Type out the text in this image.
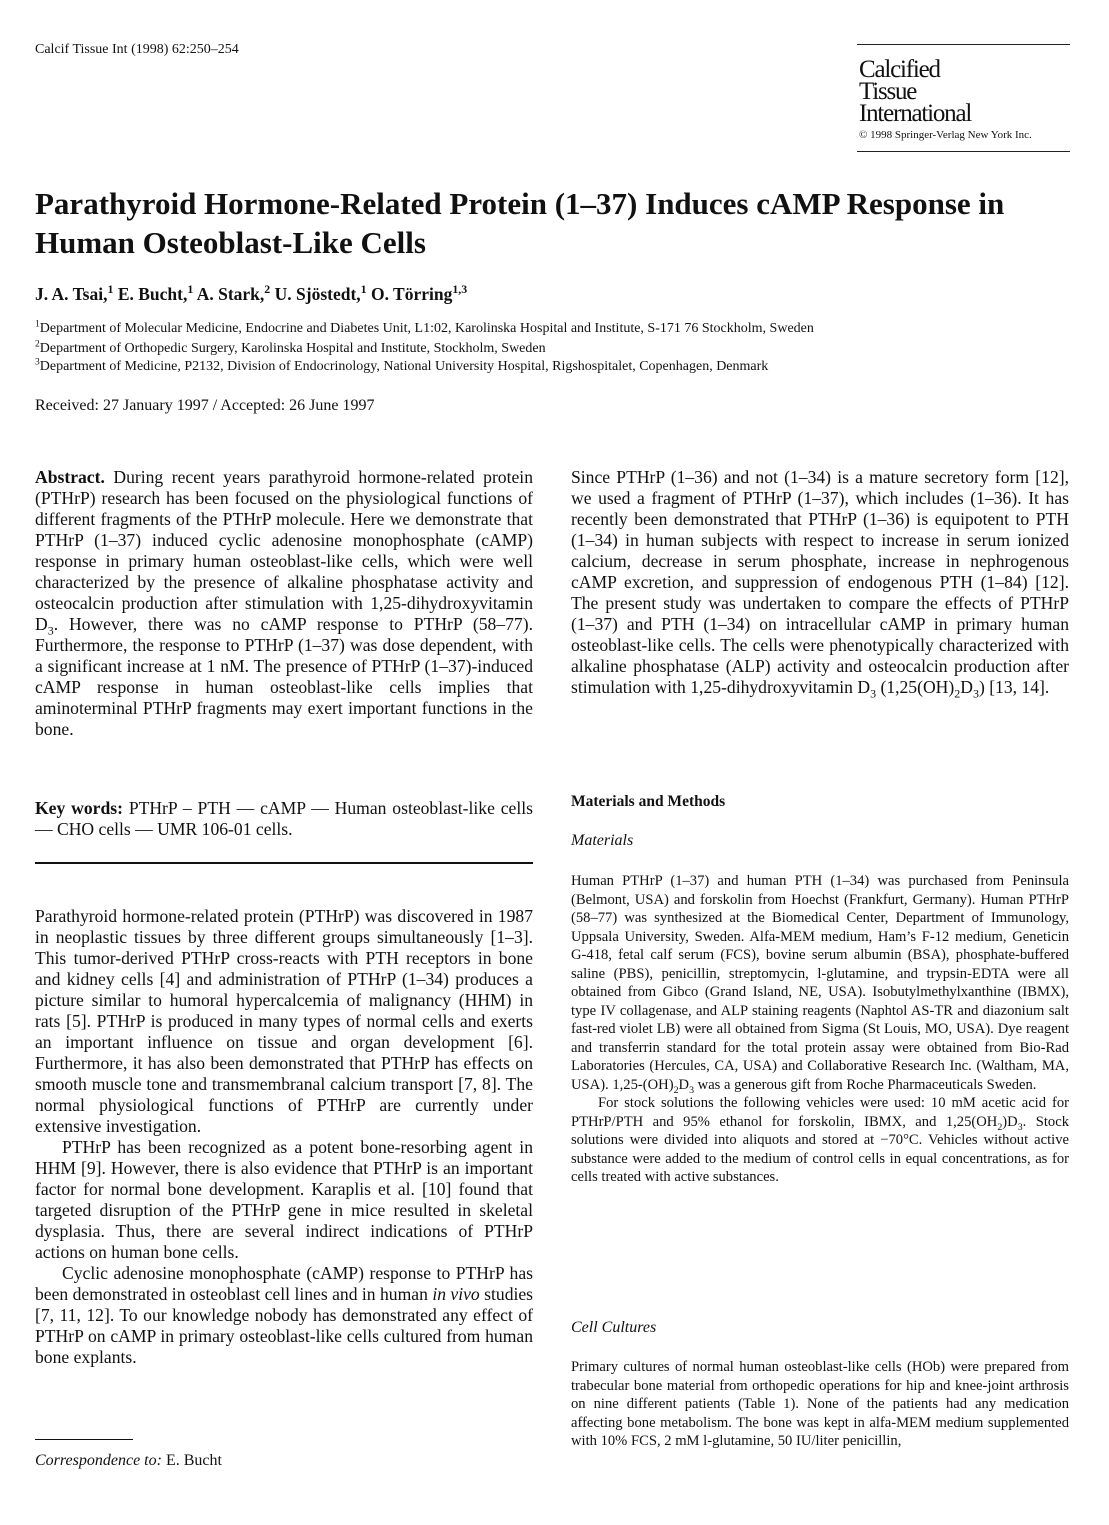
Calcif Tissue Int (1998) 62:250–254
Calcified
Tissue
International
© 1998 Springer-Verlag New York Inc.
Parathyroid Hormone-Related Protein (1–37) Induces cAMP Response in Human Osteoblast-Like Cells
J. A. Tsai,$^1$ E. Bucht,$^1$ A. Stark,$^2$ U. Sjöstedt,$^1$ O. Törring$^{1,3}$
$^1$Department of Molecular Medicine, Endocrine and Diabetes Unit, L1:02, Karolinska Hospital and Institute, S-171 76 Stockholm, Sweden
$^2$Department of Orthopedic Surgery, Karolinska Hospital and Institute, Stockholm, Sweden
$^3$Department of Medicine, P2132, Division of Endocrinology, National University Hospital, Rigshospitalet, Copenhagen, Denmark
Received: 27 January 1997 / Accepted: 26 June 1997

Abstract. During recent years parathyroid hormone-related protein (PTHrP) research has been focused on the physiological functions of different fragments of the PTHrP molecule. Here we demonstrate that PTHrP (1–37) induced cyclic adenosine monophosphate (cAMP) response in primary human osteoblast-like cells, which were well characterized by the presence of alkaline phosphatase activity and osteocalcin production after stimulation with 1,25-dihydroxyvitamin $D_3$. However, there was no cAMP response to PTHrP (58–77). Furthermore, the response to PTHrP (1–37) was dose dependent, with a significant increase at 1 nM. The presence of PTHrP (1–37)-induced cAMP response in human osteoblast-like cells implies that aminoterminal PTHrP fragments may exert important functions in the bone.

Key words: PTHrP – PTH — cAMP — Human osteoblast-like cells — CHO cells — UMR 106-01 cells.

Parathyroid hormone-related protein (PTHrP) was discovered in 1987 in neoplastic tissues by three different groups simultaneously [1–3]. This tumor-derived PTHrP cross-reacts with PTH receptors in bone and kidney cells [4] and administration of PTHrP (1–34) produces a picture similar to humoral hypercalcemia of malignancy (HHM) in rats [5]. PTHrP is produced in many types of normal cells and exerts an important influence on tissue and organ development [6]. Furthermore, it has also been demonstrated that PTHrP has effects on smooth muscle tone and transmembranal calcium transport [7, 8]. The normal physiological functions of PTHrP are currently under extensive investigation.

PTHrP has been recognized as a potent bone-resorbing agent in HHM [9]. However, there is also evidence that PTHrP is an important factor for normal bone development. Karaplis et al. [10] found that targeted disruption of the PTHrP gene in mice resulted in skeletal dysplasia. Thus, there are several indirect indications of PTHrP actions on human bone cells.

Cyclic adenosine monophosphate (cAMP) response to PTHrP has been demonstrated in osteoblast cell lines and in human in vivo studies [7, 11, 12]. To our knowledge nobody has demonstrated any effect of PTHrP on cAMP in primary osteoblast-like cells cultured from human bone explants.

Correspondence to: E. Bucht

Since PTHrP (1–36) and not (1–34) is a mature secretory form [12], we used a fragment of PTHrP (1–37), which includes (1–36). It has recently been demonstrated that PTHrP (1–36) is equipotent to PTH (1–34) in human subjects with respect to increase in serum ionized calcium, decrease in serum phosphate, increase in nephrogenous cAMP excretion, and suppression of endogenous PTH (1–84) [12]. The present study was undertaken to compare the effects of PTHrP (1–37) and PTH (1–34) on intracellular cAMP in primary human osteoblast-like cells. The cells were phenotypically characterized with alkaline phosphatase (ALP) activity and osteocalcin production after stimulation with 1,25-dihydroxyvitamin $D_3$ $(1,25(OH)_2D_3)$ [13, 14].

Materials and Methods
Materials

Human PTHrP (1–37) and human PTH (1–34) was purchased from Peninsula (Belmont, USA) and forskolin from Hoechst (Frankfurt, Germany). Human PTHrP (58–77) was synthesized at the Biomedical Center, Department of Immunology, Uppsala University, Sweden. Alfa-MEM medium, Ham’s F-12 medium, Geneticin G-418, fetal calf serum (FCS), bovine serum albumin (BSA), phosphate-buffered saline (PBS), penicillin, streptomycin, l-glutamine, and trypsin-EDTA were all obtained from Gibco (Grand Island, NE, USA). Isobutylmethylxanthine (IBMX), type IV collagenase, and ALP staining reagents (Naphtol AS-TR and diazonium salt fast-red violet LB) were all obtained from Sigma (St Louis, MO, USA). Dye reagent and transferrin standard for the total protein assay were obtained from Bio-Rad Laboratories (Hercules, CA, USA) and Collaborative Research Inc. (Waltham, MA, USA). $1,25-(OH)_2D_3$ was a generous gift from Roche Pharmaceuticals Sweden.

For stock solutions the following vehicles were used: 10 mM acetic acid for PTHrP/PTH and 95% ethanol for forskolin, IBMX, and $1,25(OH_2)D_3$. Stock solutions were divided into aliquots and stored at −70°C. Vehicles without active substance were added to the medium of control cells in equal concentrations, as for cells treated with active substances.

Cell Cultures

Primary cultures of normal human osteoblast-like cells (HOb) were prepared from trabecular bone material from orthopedic operations for hip and knee-joint arthrosis on nine different patients (Table 1). None of the patients had any medication affecting bone metabolism. The bone was kept in alfa-MEM medium supplemented with 10% FCS, 2 mM l-glutamine, 50 IU/liter penicillin,
